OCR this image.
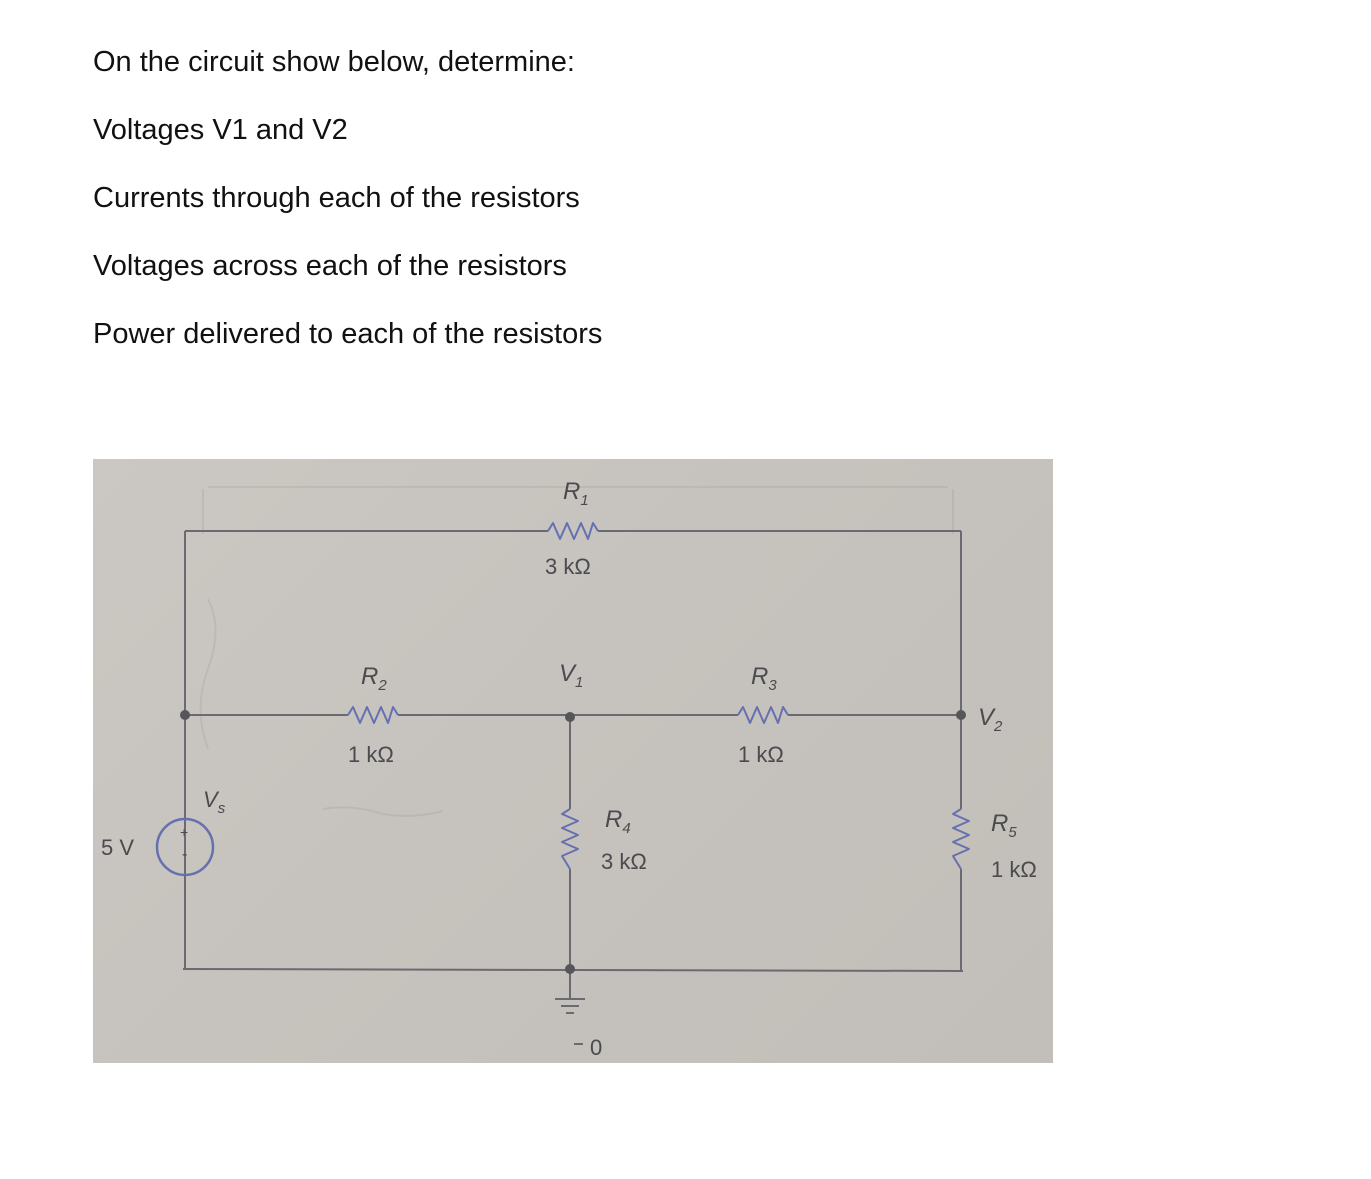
On the circuit show below, determine:
Voltages V1 and V2
Currents through each of the resistors
Voltages across each of the resistors
Power delivered to each of the resistors
0
+
-
5 V
$V_s$
$R_1$
3 kΩ
$R_2$
1 kΩ
$R_3$
1 kΩ
$R_4$
3 kΩ
$R_5$
1 kΩ
$V_1$
$V_2$
